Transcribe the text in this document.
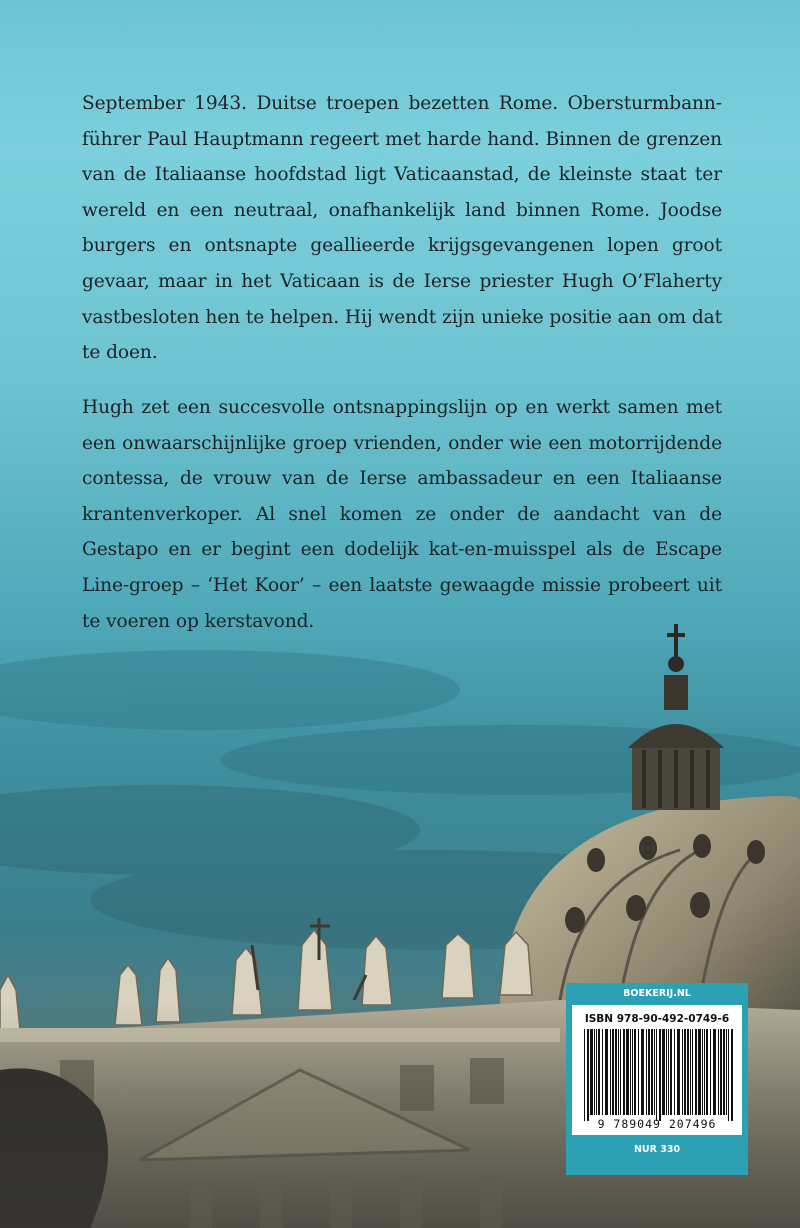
September 1943. Duitse troepen bezetten Rome. Obersturmbann-führer Paul Hauptmann regeert met harde hand. Binnen de grenzen van de Italiaanse hoofdstad ligt Vaticaanstad, de kleinste staat ter wereld en een neutraal, onafhankelijk land binnen Rome. Joodse burgers en ontsnapte geallieerde krijgsgevangenen lopen groot gevaar, maar in het Vaticaan is de Ierse priester Hugh O’Flaherty vastbesloten hen te helpen. Hij wendt zijn unieke positie aan om dat te doen.

Hugh zet een succesvolle ontsnappingslijn op en werkt samen met een onwaarschijnlijke groep vrienden, onder wie een motorrijdende contessa, de vrouw van de Ierse ambassadeur en een Italiaanse krantenverkoper. Al snel komen ze onder de aandacht van de Gestapo en er begint een dodelijk kat-en-muisspel als de Escape Line-groep – ‘Het Koor’ – een laatste gewaagde missie probeert uit te voeren op kerstavond.

BOEKERIJ.NL
ISBN 978-90-492-0749-6
9 789049 207496
NUR 330
